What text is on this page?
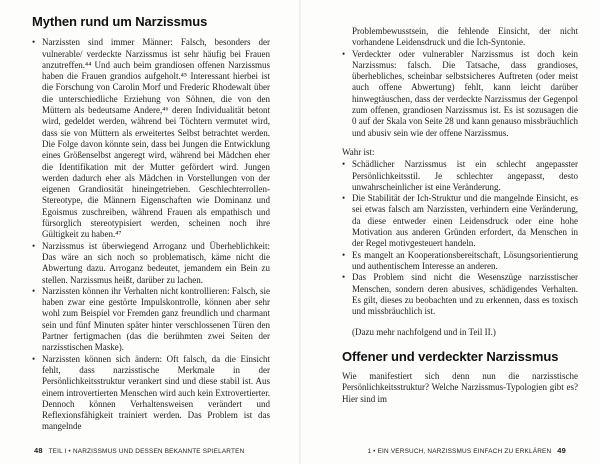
Mythen rund um Narzissmus
• Narzissten sind immer Männer: Falsch, besonders der vulnerable/ verdeckte Narzissmus ist sehr häufig bei Frauen anzutreffen.⁴⁴ Und auch beim grandiosen offenen Narzissmus haben die Frauen grandios aufgeholt.⁴⁵ Interessant hierbei ist die Forschung von Carolin Morf und Frederic Rhodewalt über die unterschiedliche Erziehung von Söhnen, die von den Müttern als bedeutsame Andere,⁴⁶ deren Individualität betont wird, gedeldet werden, während bei Töchtern vermutet wird, dass sie von Müttern als erweitertes Selbst betrachtet werden. Die Folge davon könnte sein, dass bei Jungen die Entwicklung eines Größenselbst angeregt wird, während bei Mädchen eher die Identifikation mit der Mutter gefördert wird. Jungen werden dadurch eher als Mädchen in Vorstellungen von der eigenen Grandiosität hineingetrieben. Geschlechterrollen-Stereotype, die Männern Eigenschaften wie Dominanz und Egoismus zuschreiben, während Frauen als empathisch und fürsorglich stereotypisiert werden, scheinen noch ihre Gültigkeit zu haben.⁴⁷
• Narzissmus ist überwiegend Arroganz und Überheblichkeit: Das wäre an sich noch so problematisch, käme nicht die Abwertung dazu. Arroganz bedeutet, jemandem ein Bein zu stellen. Narzissmus heißt, darüber zu lachen.
• Narzissten können ihr Verhalten nicht kontrollieren: Falsch, sie haben zwar eine gestörte Impulskontrolle, können aber sehr wohl zum Beispiel vor Fremden ganz freundlich und charmant sein und fünf Minuten später hinter verschlossenen Türen den Partner fertigmachen (das die berühmten zwei Seiten der narzisstischen Maske).
• Narzissten können sich ändern: Oft falsch, da die Einsicht fehlt, dass narzisstische Merkmale in der Persönlichkeitsstruktur verankert sind und diese stabil ist. Aus einem introvertierten Menschen wird auch kein Extrovertierter. Dennoch können Verhaltensweisen verändert und Reflexionsfähigkeit trainiert werden. Das Problem ist das mangelnde
48 TEIL I • NARZISSMUS UND DESSEN BEKANNTE SPIELARTEN

Problembewusstsein, die fehlende Einsicht, der nicht vorhandene Leidensdruck und die Ich-Syntonie.

• Verdeckter oder vulnerabler Narzissmus ist doch kein Narzissmus: falsch. Die Tatsache, dass grandioses, überhebliches, scheinbar selbstsicheres Auftreten (oder meist auch offene Abwertung) fehlt, kann leicht darüber hinwegtäuschen, dass der verdeckte Narzissmus der Gegenpol zum offenen, grandiosen Narzissmus ist. Es ist sozusagen die 0 auf der Skala von Seite 28 und kann genauso missbräuchlich und abusiv sein wie der offene Narzissmus.

Wahr ist:

• Schädlicher Narzissmus ist ein schlecht angepasster Persönlichkeitsstil. Je schlechter angepasst, desto unwahrscheinlicher ist eine Veränderung.
• Die Stabilität der Ich-Struktur und die mangelnde Einsicht, es sei etwas falsch am Narzissten, verhindern eine Veränderung, da diese entweder einen Leidensdruck oder eine hohe Motivation aus anderen Gründen erfordert, da Menschen in der Regel motivgesteuert handeln.
• Es mangelt an Kooperationsbereitschaft, Lösungsorientierung und authentischem Interesse an anderen.
• Das Problem sind nicht die Wesenszüge narzisstischer Menschen, sondern deren abusives, schädigendes Verhalten. Es gilt, dieses zu beobachten und zu erkennen, dass es toxisch und missbräuchlich ist.

(Dazu mehr nachfolgend und in Teil II.)

Offener und verdeckter Narzissmus

Wie manifestiert sich denn nun die narzisstische Persönlichkeitsstruktur? Welche Narzissmus-Typologien gibt es? Hier sind im

1 • EIN VERSUCH, NARZISSMUS EINFACH ZU ERKLÄREN 49
